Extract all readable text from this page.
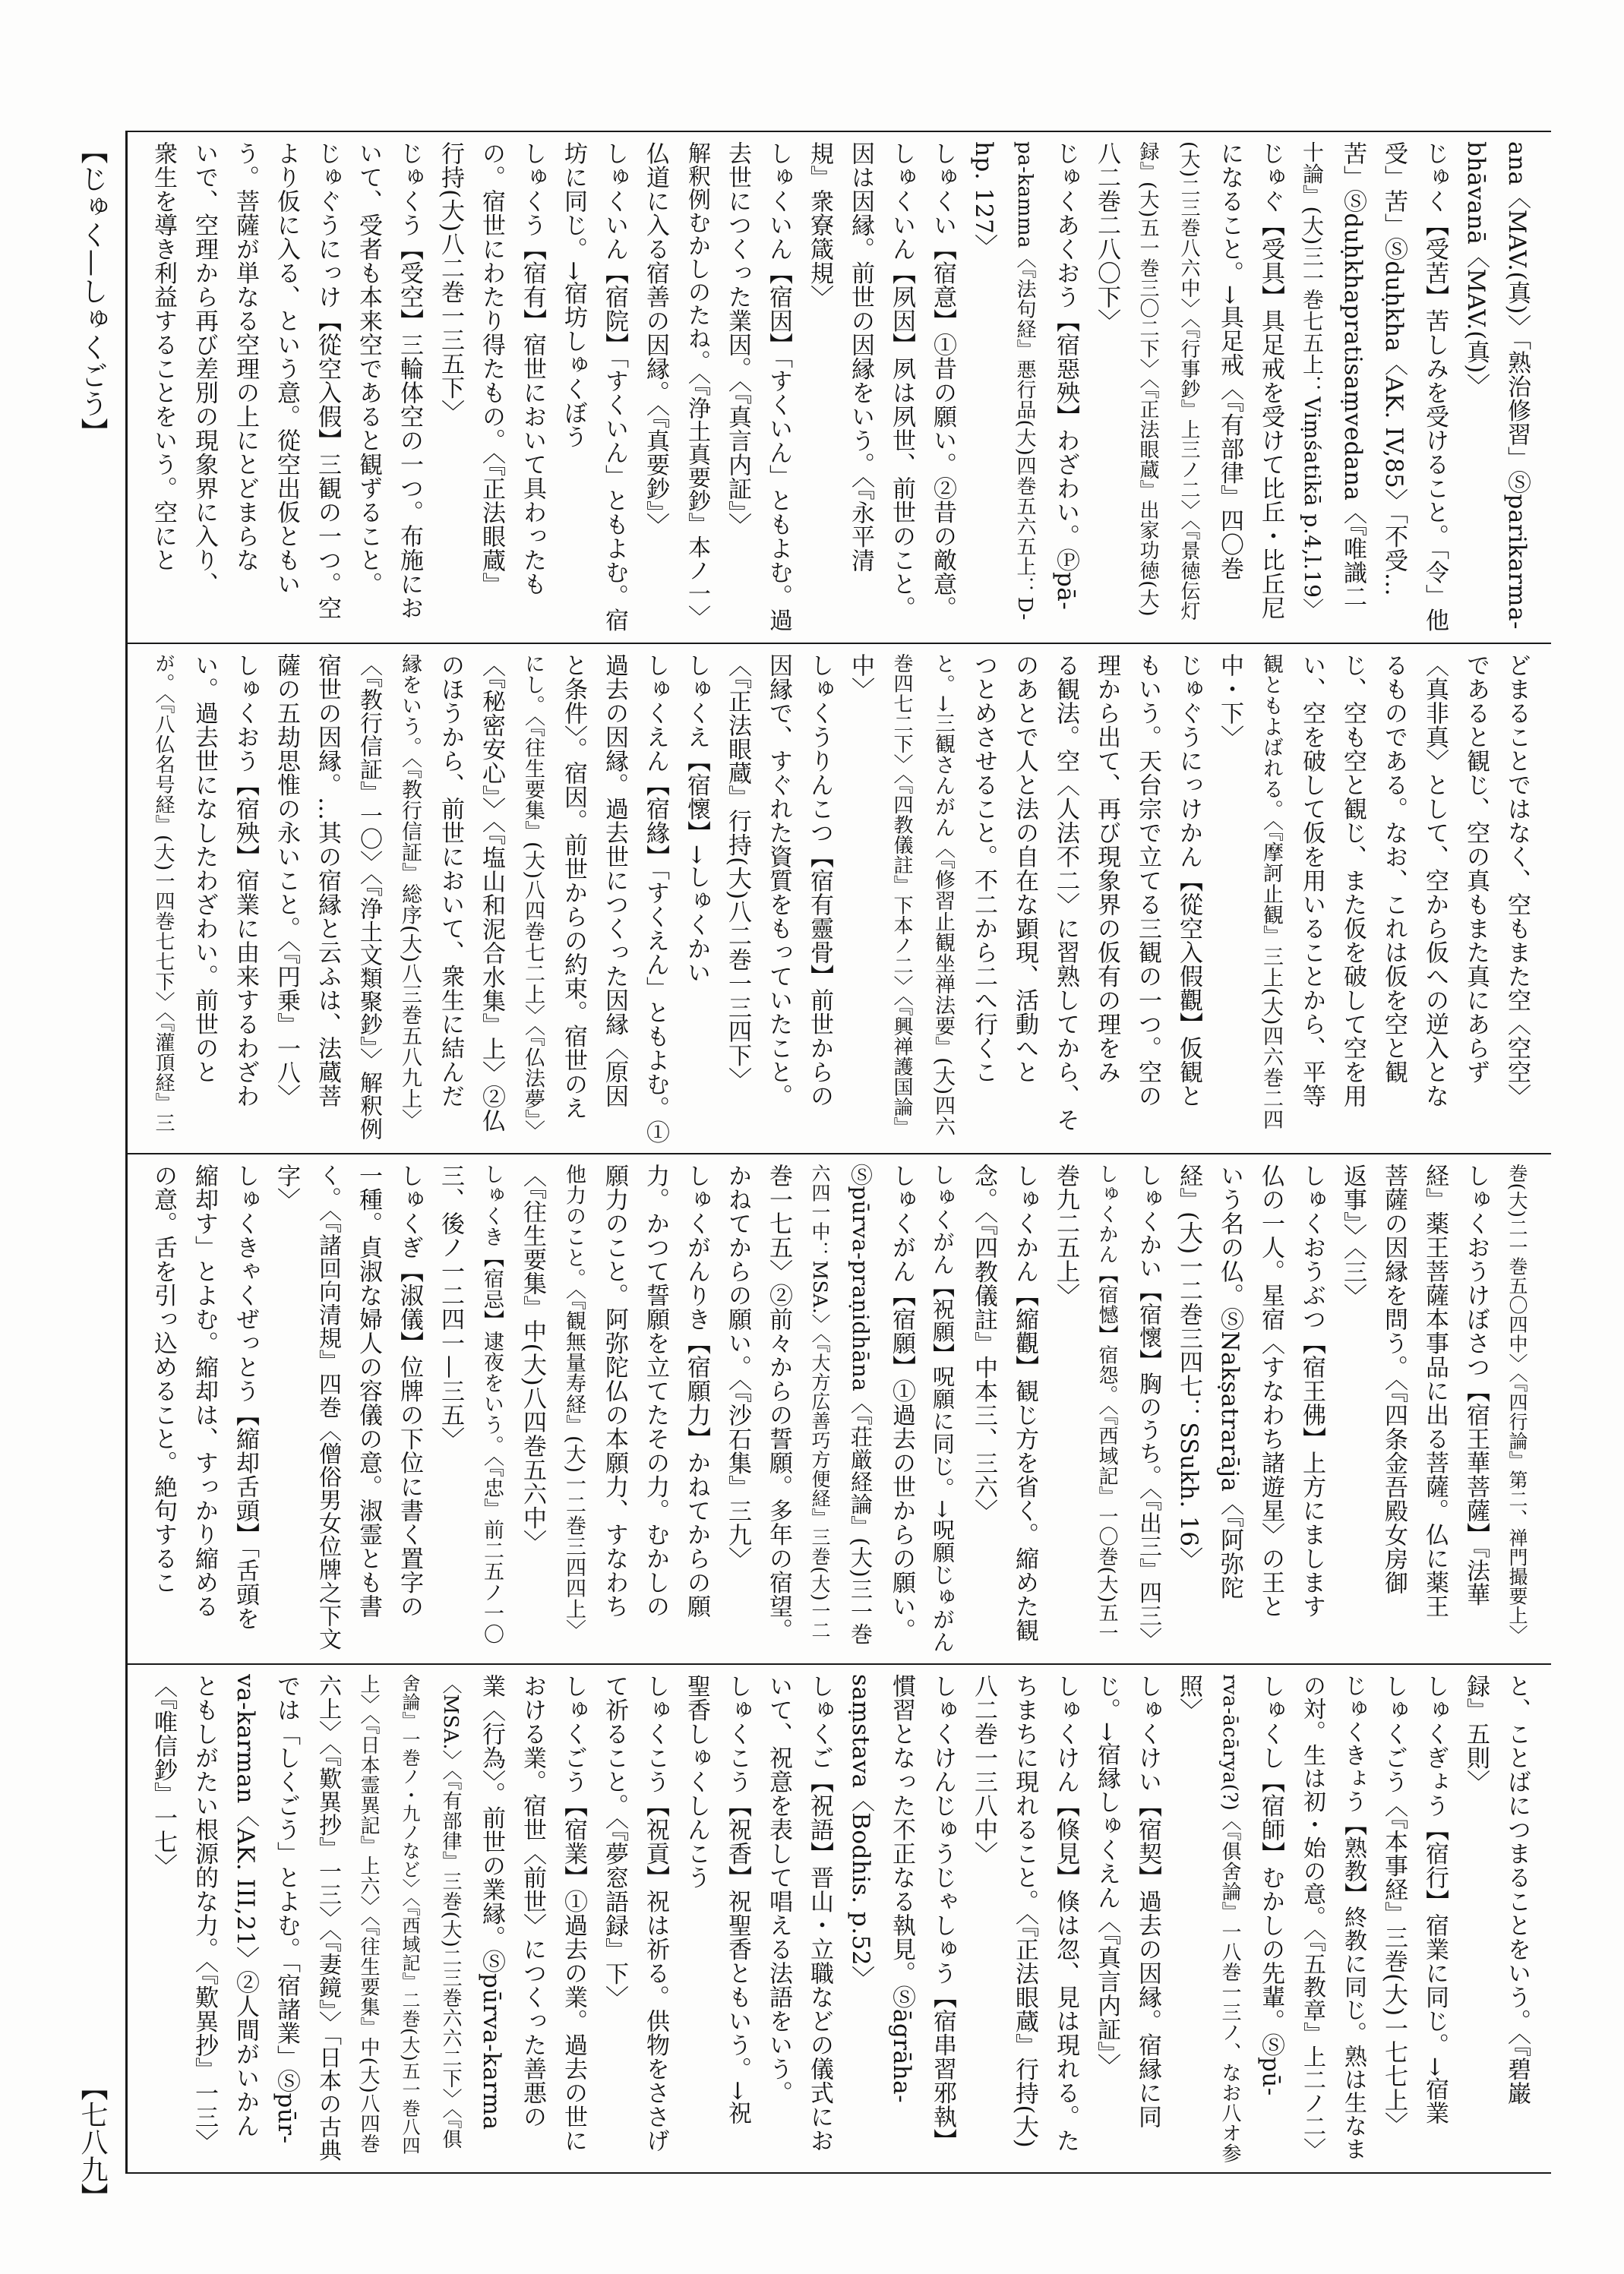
【じゅく—しゅくごう】
【七八九】
ana〈MAV.(真)〉「熟治修習」Ⓢparikarma-
bhāvanā〈MAV.(真)〉
じゅく【受苦】苦しみを受けること。「令」他
受」苦」Ⓢduḥkha〈AK. IV,85〉「不受…
苦」Ⓢduḥkhapratisaṃvedana〈『唯識二
十論』(大)三一巻七五上：Viṃśatikā p.4,l.19〉
じゅぐ【受具】具足戒を受けて比丘・比丘尼
になること。→具足戒〈『有部律』四〇巻
(大)二三巻八六中〉〈『行事鈔』上三ノ二〉〈『景徳伝灯
録』(大)五一巻三〇二下〉〈『正法眼蔵』出家功徳(大)
八二巻二八〇下〉
じゅくあくおう【宿惡殃】わざわい。Ⓟpā-
pa-kamma〈『法句経』悪行品(大)四巻五六五上：D-
hp. 127〉
しゅくい【宿意】①昔の願い。②昔の敵意。
しゅくいん【夙因】夙は夙世、前世のこと。
因は因縁。前世の因縁をいう。〈『永平清
規』衆寮箴規〉
しゅくいん【宿因】「すくいん」ともよむ。過
去世につくった業因。〈『真言内証』〉
解釈例むかしのたね。〈『浄土真要鈔』本ノ一〉
仏道に入る宿善の因縁。〈『真要鈔』〉
しゅくいん【宿院】「すくいん」ともよむ。宿
坊に同じ。→宿坊しゅくぼう
しゅくう【宿有】宿世において具わったも
の。宿世にわたり得たもの。〈『正法眼蔵』
行持(大)八二巻一三五下〉
じゅくう【受空】三輪体空の一つ。布施にお
いて、受者も本来空であると観ずること。
じゅぐうにっけ【從空入假】三観の一つ。空
より仮に入る、という意。從空出仮ともい
う。菩薩が単なる空理の上にとどまらな
いで、空理から再び差別の現象界に入り、
衆生を導き利益することをいう。空にと
どまることではなく、空もまた空〈空空〉
であると観じ、空の真もまた真にあらず
〈真非真〉として、空から仮への逆入とな
るものである。なお、これは仮を空と観
じ、空も空と観じ、また仮を破して空を用
い、空を破して仮を用いることから、平等
観ともよばれる。〈『摩訶止観』三上(大)四六巻二四
中・下〉
じゅぐうにっけかん【從空入假觀】仮観と
もいう。天台宗で立てる三観の一つ。空の
理から出て、再び現象界の仮有の理をみ
る観法。空〈人法不二〉に習熟してから、そ
のあとで人と法の自在な顕現、活動へと
つとめさせること。不二から二へ行くこ
と。→三観さんがん〈『修習止観坐禅法要』(大)四六
巻四七二下〉〈『四教儀註』下本ノ二〉〈『興禅護国論』
中〉
しゅくうりんこつ【宿有靈骨】前世からの
因縁で、すぐれた資質をもっていたこと。
〈『正法眼蔵』行持(大)八二巻一三四下〉
しゅくえ【宿懷】→しゅくかい
しゅくえん【宿緣】「すくえん」ともよむ。①
過去の因縁。過去世につくった因縁〈原因
と条件〉。宿因。前世からの約束。宿世のえ
にし。〈『往生要集』(大)八四巻七二上〉〈『仏法夢』〉
〈『秘密安心』〉〈『塩山和泥合水集』上〉②仏
のほうから、前世において、衆生に結んだ
縁をいう。〈『教行信証』総序(大)八三巻五八九上〉
〈『教行信証』一〇〉〈『浄土文類聚鈔』〉解釈例
宿世の因縁。…其の宿縁と云ふは、法蔵菩
薩の五劫思惟の永いこと。〈『円乗』一八〉
しゅくおう【宿殃】宿業に由来するわざわ
い。過去世になしたわざわい。前世のと
が。〈『八仏名号経』(大)一四巻七七下〉〈『灌頂経』三
巻(大)二一巻五〇四中〉〈『四行論』第二、禅門撮要上〉
しゅくおうけぼさつ【宿王華菩薩】『法華
経』薬王菩薩本事品に出る菩薩。仏に薬王
菩薩の因縁を問う。〈『四条金吾殿女房御
返事』〉〈三〉
しゅくおうぶつ【宿王佛】上方にまします
仏の一人。星宿〈すなわち諸遊星〉の王と
いう名の仏。ⓈNakṣatrarāja〈『阿弥陀
経』(大)一二巻三四七：SSukh. 16〉
しゅくかい【宿懷】胸のうち。〈『出三』四三〉
しゅくかん【宿憾】宿怨。〈『西域記』一〇巻(大)五一
巻九二五上〉
しゅくかん【縮觀】観じ方を省く。縮めた観
念。〈『四教儀註』中本三、三六〉
しゅくがん【祝願】呪願に同じ。→呪願じゅがん
しゅくがん【宿願】①過去の世からの願い。
Ⓢpūrva-praṇidhāna〈『荘厳経論』(大)三一巻
六四一中：MSA.〉〈『大方広善巧方便経』三巻(大)一二
巻一七五〉②前々からの誓願。多年の宿望。
かねてからの願い。〈『沙石集』三九〉
しゅくがんりき【宿願力】かねてからの願
力。かつて誓願を立てたその力。むかしの
願力のこと。阿弥陀仏の本願力、すなわち
他力のこと。〈『観無量寿経』(大)一二巻三四四上〉
〈『往生要集』中(大)八四巻五六中〉
しゅくき【宿忌】逮夜をいう。〈『忠』前二五ノ一〇
三、後ノ一二四一—三五〉
しゅくぎ【淑儀】位牌の下位に書く置字の
一種。貞淑な婦人の容儀の意。淑霊とも書
く。〈『諸回向清規』四巻〈僧俗男女位牌之下文
字〉
しゅくきゃくぜっとう【縮却舌頭】「舌頭を
縮却す」とよむ。縮却は、すっかり縮める
の意。舌を引っ込めること。絶句するこ
と、ことばにつまることをいう。〈『碧巌
録』五則〉
しゅくぎょう【宿行】宿業に同じ。→宿業
しゅくごう〈『本事経』三巻(大)一七七上〉
じゅくきょう【熟教】終教に同じ。熟は生なま
の対。生は初・始の意。〈『五教章』上二ノ二〉
しゅくし【宿師】むかしの先輩。Ⓢpū-
rva-ācārya(?)〈『俱舍論』一八巻一三ノ、なお八オ参
照〉
しゅくけい【宿契】過去の因縁。宿縁に同
じ。→宿縁しゅくえん〈『真言内証』〉
しゅくけん【倏見】倏は忽、見は現れる。た
ちまちに現れること。〈『正法眼蔵』行持(大)
八二巻一三八中〉
しゅくけんじゅうじゃしゅう【宿串習邪執】
慣習となった不正なる執見。Ⓢāgrāha-
saṃstava〈Bodhis. p.52〉
しゅくご【祝語】晋山・立職などの儀式にお
いて、祝意を表して唱える法語をいう。
しゅくこう【祝香】祝聖香ともいう。→祝
聖香しゅくしんこう
しゅくこう【祝貢】祝は祈る。供物をささげ
て祈ること。〈『夢窓語録』下〉
しゅくごう【宿業】①過去の業。過去の世に
おける業。宿世〈前世〉につくった善悪の
業〈行為〉。前世の業縁。Ⓢpūrva-karma
〈MSA.〉〈『有部律』三巻(大)二三巻六六二下〉〈『俱
舍論』一巻ノ・九ノなど〉〈『西域記』二巻(大)五一巻八四
上〉〈『日本霊異記』上六〉〈『往生要集』中(大)八四巻
六上〉〈『歎異抄』一三〉〈『妻鏡』〉「日本の古典
では「しくごう」とよむ。「宿諸業」Ⓢpūr-
va-karman〈AK. III,21〉②人間がいかん
ともしがたい根源的な力。〈『歎異抄』一三〉
〈『唯信鈔』一七〉
